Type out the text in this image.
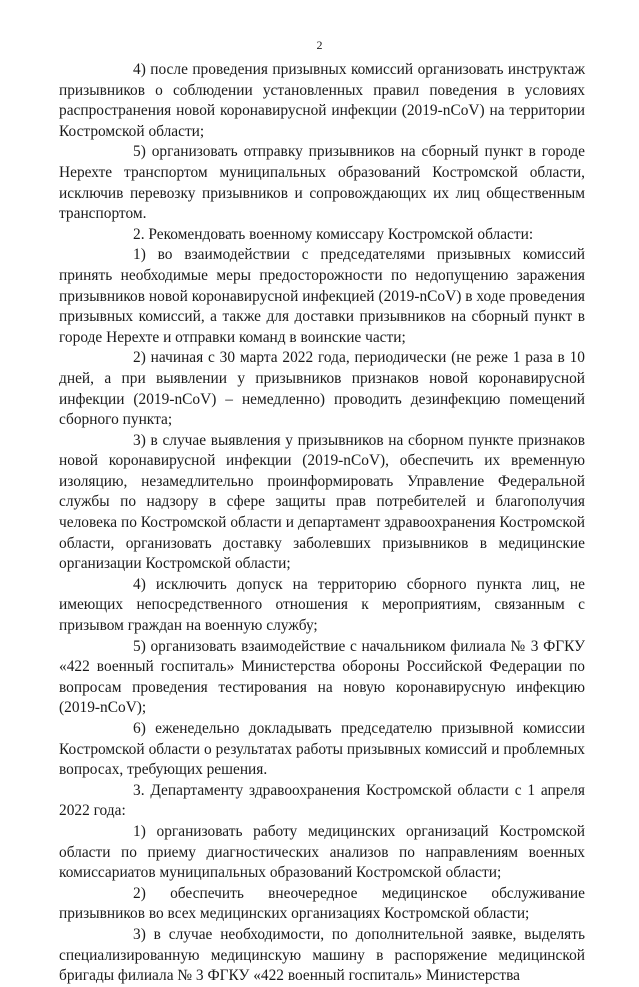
2

4) после проведения призывных комиссий организовать инструктаж призывников о соблюдении установленных правил поведения в условиях распространения новой коронавирусной инфекции (2019-nCoV) на территории Костромской области;

5) организовать отправку призывников на сборный пункт в городе Нерехте транспортом муниципальных образований Костромской области, исключив перевозку призывников и сопровождающих их лиц общественным транспортом.

2. Рекомендовать военному комиссару Костромской области:

1) во взаимодействии с председателями призывных комиссий принять необходимые меры предосторожности по недопущению заражения призывников новой коронавирусной инфекцией (2019-nCoV) в ходе проведения призывных комиссий, а также для доставки призывников на сборный пункт в городе Нерехте и отправки команд в воинские части;

2) начиная с 30 марта 2022 года, периодически (не реже 1 раза в 10 дней, а при выявлении у призывников признаков новой коронавирусной инфекции (2019-nCoV) – немедленно) проводить дезинфекцию помещений сборного пункта;

3) в случае выявления у призывников на сборном пункте признаков новой коронавирусной инфекции (2019-nCoV), обеспечить их временную изоляцию, незамедлительно проинформировать Управление Федеральной службы по надзору в сфере защиты прав потребителей и благополучия человека по Костромской области и департамент здравоохранения Костромской области, организовать доставку заболевших призывников в медицинские организации Костромской области;

4) исключить допуск на территорию сборного пункта лиц, не имеющих непосредственного отношения к мероприятиям, связанным с призывом граждан на военную службу;

5) организовать взаимодействие с начальником филиала № 3 ФГКУ «422 военный госпиталь» Министерства обороны Российской Федерации по вопросам проведения тестирования на новую коронавирусную инфекцию (2019-nCoV);

6) еженедельно докладывать председателю призывной комиссии Костромской области о результатах работы призывных комиссий и проблемных вопросах, требующих решения.

3. Департаменту здравоохранения Костромской области с 1 апреля 2022 года:

1) организовать работу медицинских организаций Костромской области по приему диагностических анализов по направлениям военных комиссариатов муниципальных образований Костромской области;

2) обеспечить внеочередное медицинское обслуживание призывников во всех медицинских организациях Костромской области;

3) в случае необходимости, по дополнительной заявке, выделять специализированную медицинскую машину в распоряжение медицинской бригады филиала № 3 ФГКУ «422 военный госпиталь» Министерства
